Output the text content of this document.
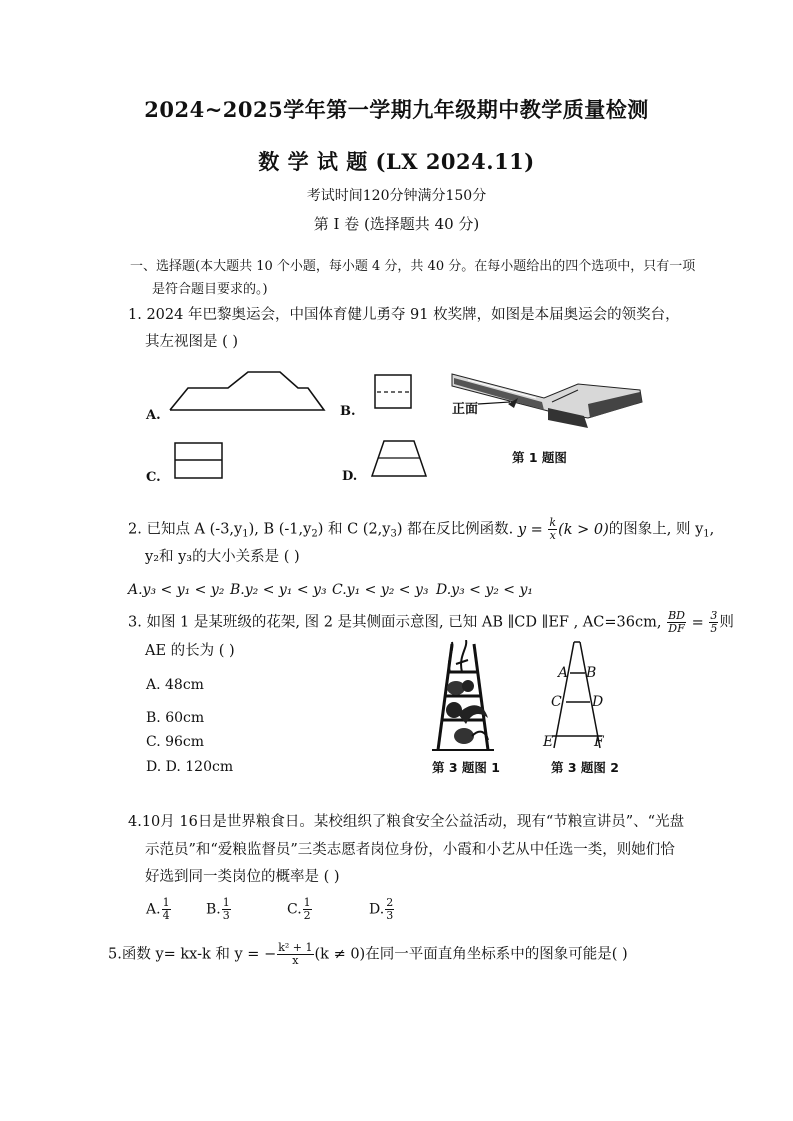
2024~2025学年第一学期九年级期中教学质量检测
数 学 试 题 (LX 2024.11)
考试时间120分钟满分150分
第 I 卷 (选择题共 40 分)
一、选择题(本大题共 10 个小题，每小题 4 分，共 40 分。在每小题给出的四个选项中，只有一项
是符合题目要求的。)
1. 2024 年巴黎奥运会，中国体育健儿勇夺 91 枚奖牌，如图是本届奥运会的领奖台，
其左视图是 ( )
A.	B.
C.	D.
正面
第 1 题图
2. 已知点 A $(-3,y_1)$, B $(-1,y_2)$ 和 C $(2,y_3)$ 都在反比例函数. $y = \frac{k}{x} (k > 0)$的图象上, 则 $y_1$,
y₂和 y₃的大小关系是 ( )
A.y₃ < y₁ < y₂ B.y₂ < y₁ < y₃ C.y₁ < y₂ < y₃ D.y₃ < y₂ < y₁
3. 如图 1 是某班级的花架, 图 2 是其侧面示意图, 已知 AB ∥CD ∥EF , AC=36cm, $\frac{BD}{DF} = \frac{3}{5}$ 则
AE 的长为 ( )
A. 48cm
B. 60cm
C. 96cm
D. D. 120cm
A B
C D
E	F
第 3 题图 1	第 3 题图 2
4.10月 16日是世界粮食日。某校组织了粮食安全公益活动，现有“节粮宣讲员”、“光盘
示范员”和“爱粮监督员”三类志愿者岗位身份，小霞和小艺从中任选一类，则她们恰
好选到同一类岗位的概率是 ( )
A. $\frac{1}{4}$	B. $\frac{1}{3}$	C. $\frac{1}{2}$	D. $\frac{2}{3}$
5.函数 y= kx-k 和 y = − $\frac{\text{k² + 1}}{x} (k \ne 0)$在同一平面直角坐标系中的图象可能是( )
